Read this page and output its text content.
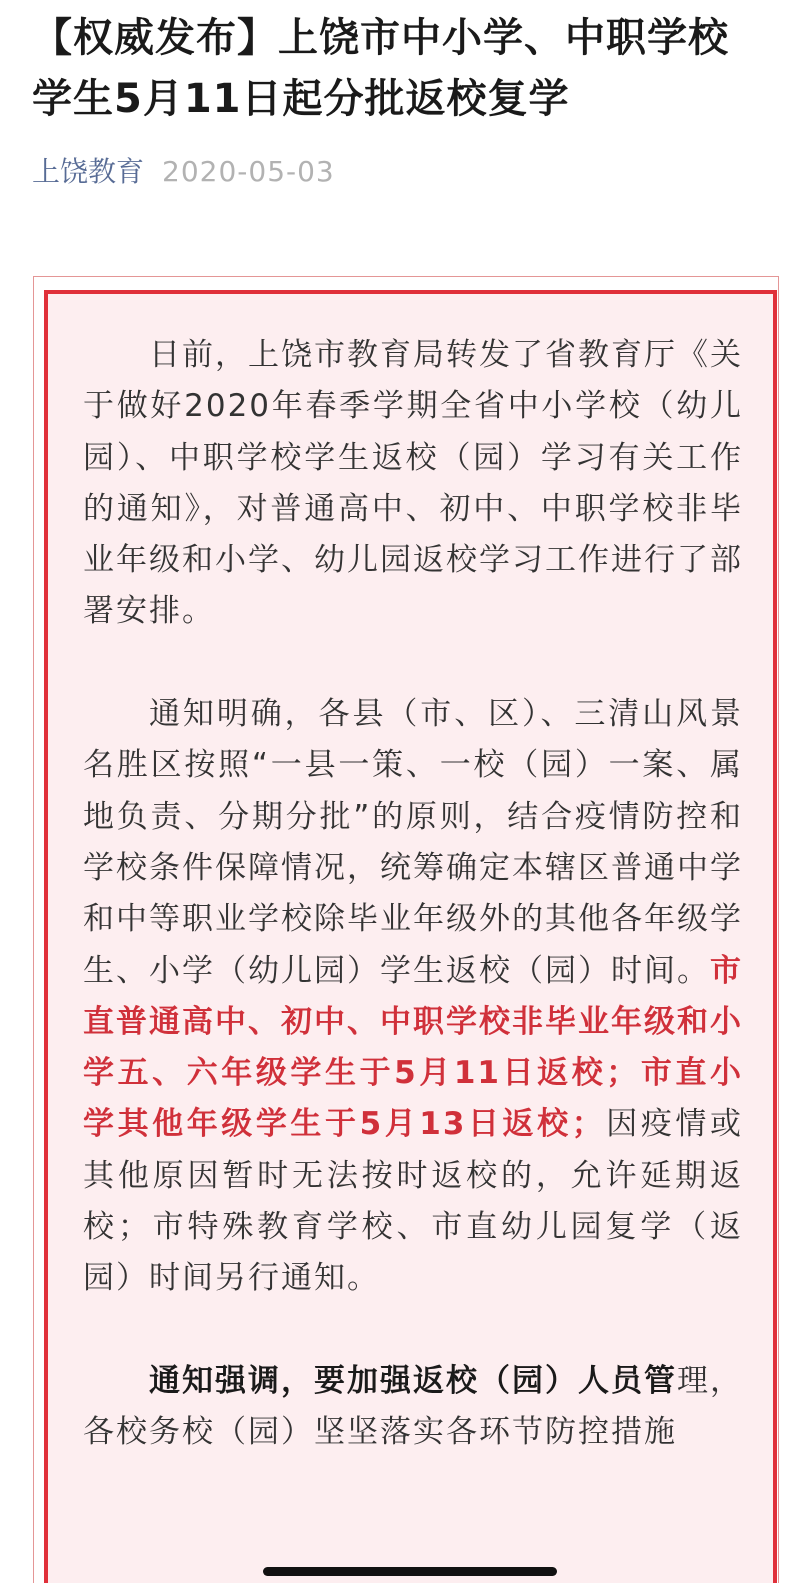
【权威发布】上饶市中小学、中职学校学生5月11日起分批返校复学
上饶教育 2020-05-03

日前，上饶市教育局转发了省教育厅《关于做好2020年春季学期全省中小学校（幼儿园）、中职学校学生返校（园）学习有关工作的通知》，对普通高中、初中、中职学校非毕业年级和小学、幼儿园返校学习工作进行了部署安排。

通知明确，各县（市、区）、三清山风景名胜区按照“一县一策、一校（园）一案、属地负责、分期分批”的原则，结合疫情防控和学校条件保障情况，统筹确定本辖区普通中学和中等职业学校除毕业年级外的其他各年级学生、小学（幼儿园）学生返校（园）时间。市直普通高中、初中、中职学校非毕业年级和小学五、六年级学生于5月11日返校；市直小学其他年级学生于5月13日返校；因疫情或其他原因暂时无法按时返校的，允许延期返校；市特殊教育学校、市直幼儿园复学（返园）时间另行通知。

通知强调，要加强返校（园）人员管理，各校务校（园）坚坚落实各环节防控措施
